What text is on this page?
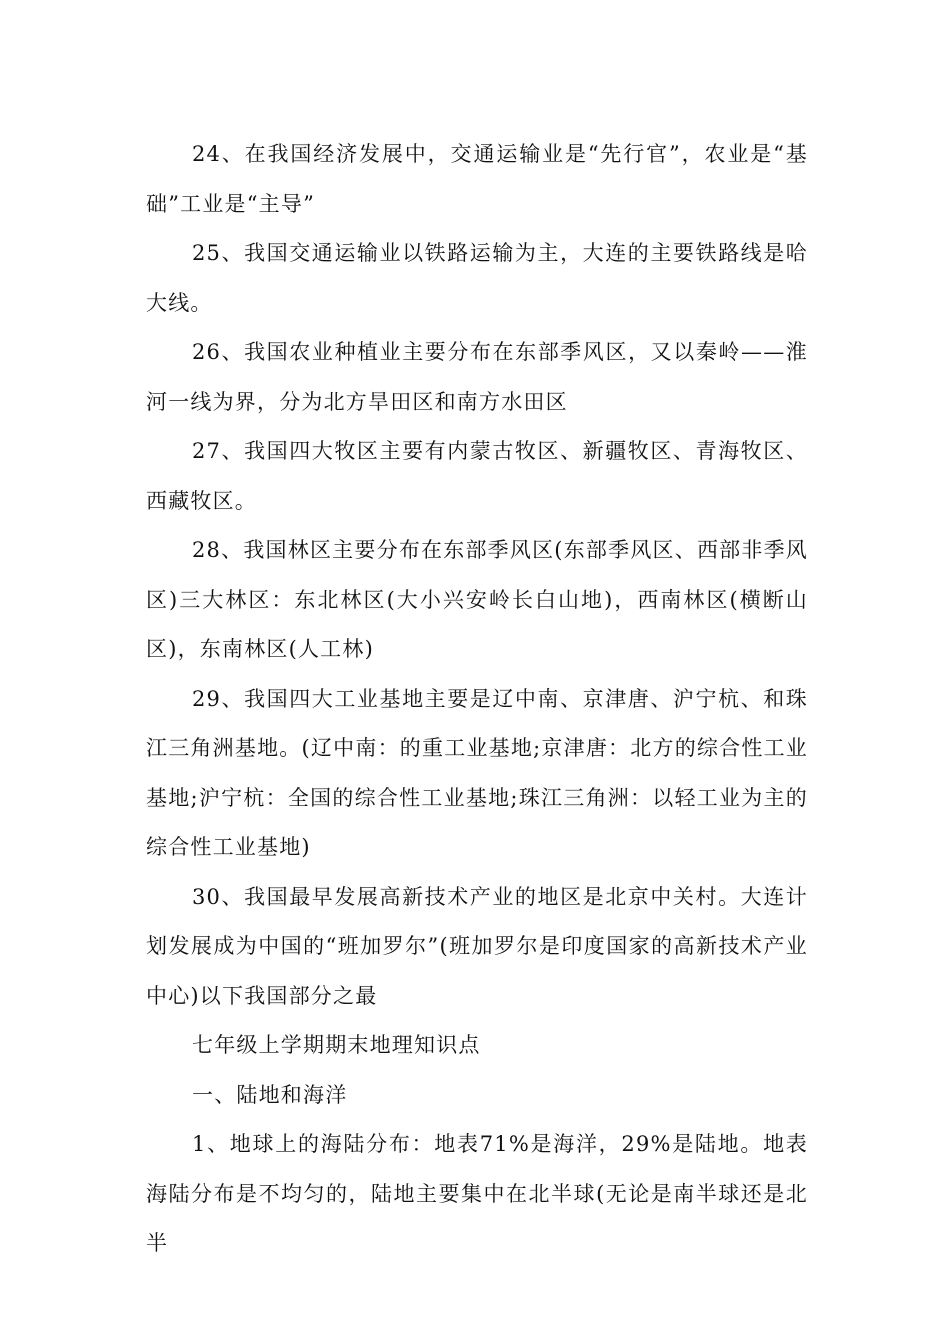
24、在我国经济发展中，交通运输业是“先行官”，农业是“基础”工业是“主导”

25、我国交通运输业以铁路运输为主，大连的主要铁路线是哈大线。

26、我国农业种植业主要分布在东部季风区，又以秦岭——淮河一线为界，分为北方旱田区和南方水田区

27、我国四大牧区主要有内蒙古牧区、新疆牧区、青海牧区、西藏牧区。

28、我国林区主要分布在东部季风区(东部季风区、西部非季风区)三大林区：东北林区(大小兴安岭长白山地)，西南林区(横断山区)，东南林区(人工林)

29、我国四大工业基地主要是辽中南、京津唐、沪宁杭、和珠江三角洲基地。(辽中南：的重工业基地;京津唐：北方的综合性工业基地;沪宁杭：全国的综合性工业基地;珠江三角洲：以轻工业为主的综合性工业基地)

30、我国最早发展高新技术产业的地区是北京中关村。大连计划发展成为中国的“班加罗尔”(班加罗尔是印度国家的高新技术产业中心)以下我国部分之最

七年级上学期期末地理知识点

一、陆地和海洋

1、地球上的海陆分布：地表71%是海洋，29%是陆地。地表海陆分布是不均匀的，陆地主要集中在北半球(无论是南半球还是北半
